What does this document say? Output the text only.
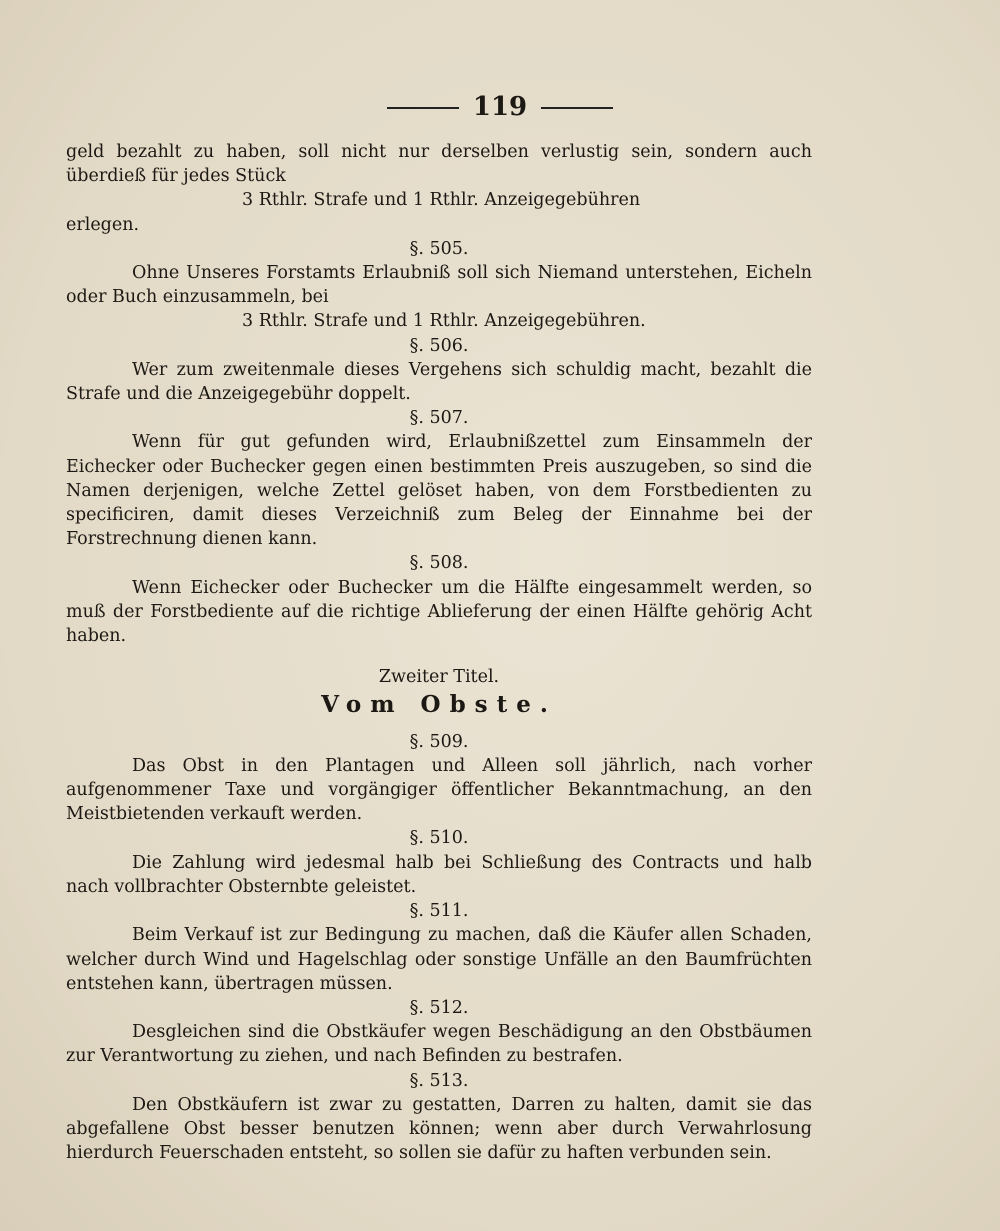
119

geld bezahlt zu haben, soll nicht nur derselben verlustig sein, sondern auch überdieß für jedes Stück

3 Rthlr. Strafe und 1 Rthlr. Anzeigegebühren

erlegen.

§. 505.

Ohne Unseres Forstamts Erlaubniß soll sich Niemand unterstehen, Eicheln oder Buch einzusammeln, bei

3 Rthlr. Strafe und 1 Rthlr. Anzeigegebühren.

§. 506.

Wer zum zweitenmale dieses Vergehens sich schuldig macht, bezahlt die Strafe und die Anzeigegebühr doppelt.

§. 507.

Wenn für gut gefunden wird, Erlaubnißzettel zum Einsammeln der Eichecker oder Buchecker gegen einen bestimmten Preis auszugeben, so sind die Namen derjenigen, welche Zettel gelöset haben, von dem Forstbedienten zu specificiren, damit dieses Verzeichniß zum Beleg der Einnahme bei der Forstrechnung dienen kann.

§. 508.

Wenn Eichecker oder Buchecker um die Hälfte eingesammelt werden, so muß der Forstbediente auf die richtige Ablieferung der einen Hälfte gehörig Acht haben.

Zweiter Titel.

Vom Obste.

§. 509.

Das Obst in den Plantagen und Alleen soll jährlich, nach vorher aufgenommener Taxe und vorgängiger öffentlicher Bekanntmachung, an den Meistbietenden verkauft werden.

§. 510.

Die Zahlung wird jedesmal halb bei Schließung des Contracts und halb nach vollbrachter Obsternbte geleistet.

§. 511.

Beim Verkauf ist zur Bedingung zu machen, daß die Käufer allen Schaden, welcher durch Wind und Hagelschlag oder sonstige Unfälle an den Baumfrüchten entstehen kann, übertragen müssen.

§. 512.

Desgleichen sind die Obstkäufer wegen Beschädigung an den Obstbäumen zur Verantwortung zu ziehen, und nach Befinden zu bestrafen.

§. 513.

Den Obstkäufern ist zwar zu gestatten, Darren zu halten, damit sie das abgefallene Obst besser benutzen können; wenn aber durch Verwahrlosung hierdurch Feuerschaden entsteht, so sollen sie dafür zu haften verbunden sein.
